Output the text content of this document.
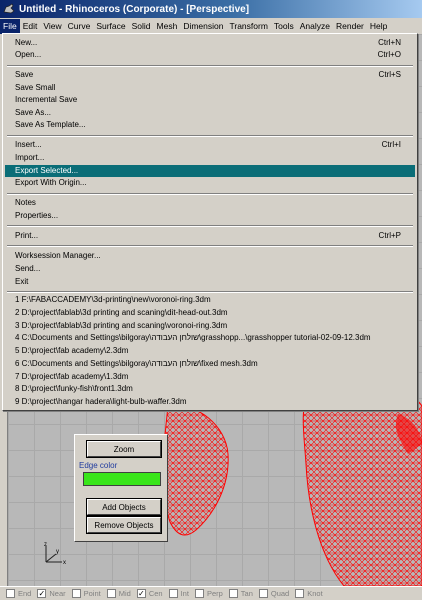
Untitled - Rhinoceros (Corporate) - [Perspective]
File Edit View Curve Surface Solid Mesh Dimension Transform Tools Analyze Render Help
z
x
y
Zoom
Edge color
Add Objects
Remove Objects
End ✓ Near Point Mid ✓ Cen Int Perp Tan Quad Knot
New...	Ctrl+N
Open...	Ctrl+O
Save	Ctrl+S
Save Small
Incremental Save
Save As...
Save As Template...
Insert...	Ctrl+I
Import...
Export Selected...
Export With Origin...
Notes
Properties...
Print...	Ctrl+P
Worksession Manager...
Send...
Exit
1 F:\FABACCADEMY\3d-printing\new\voronoi-ring.3dm
2 D:\project\fablab\3d printing and scaning\dit-head-out.3dm
3 D:\project\fablab\3d printing and scaning\voronoi-ring.3dm
4 C:\Documents and Settings\bilgoray\שולחן העבודה\grasshopp...\grasshopper tutorial-02-09-12.3dm
5 D:\project\fab academy\2.3dm
6 C:\Documents and Settings\bilgoray\שולחן העבודה\fixed mesh.3dm
7 D:\project\fab academy\1.3dm
8 D:\project\funky-fish\front1.3dm
9 D:\project\hangar hadera\light-bulb-waffer.3dm
